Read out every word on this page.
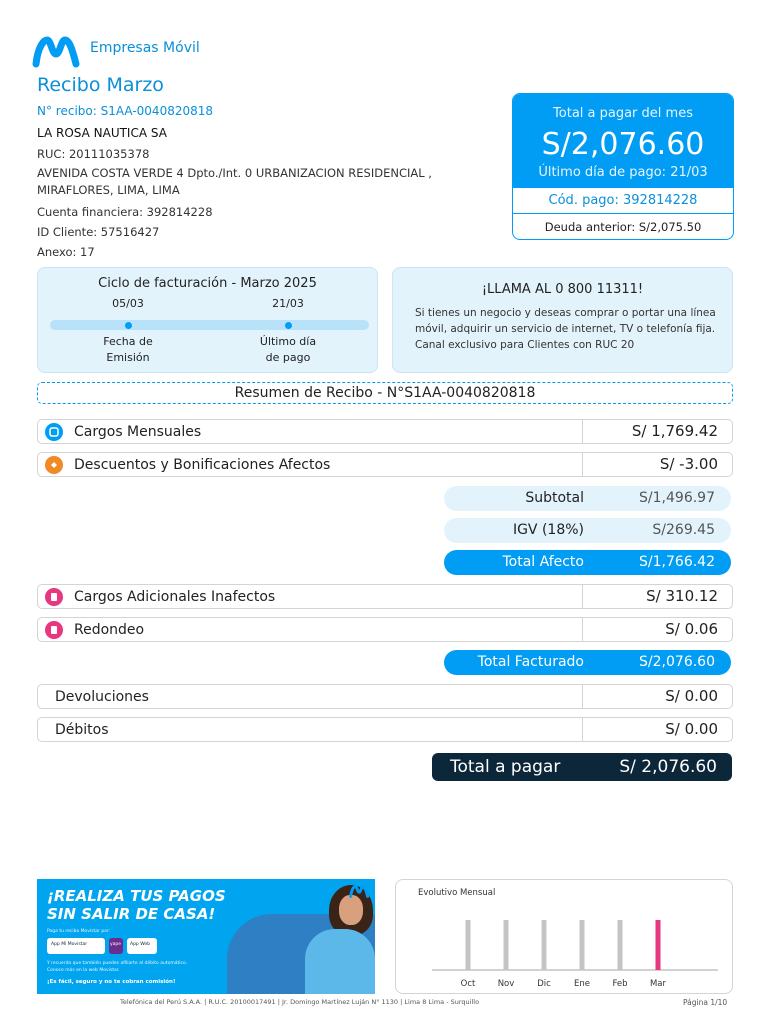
Empresas Móvil
Recibo Marzo
N° recibo: S1AA-0040820818
LA ROSA NAUTICA SA
RUC: 20111035378
AVENIDA COSTA VERDE 4 Dpto./Int. 0 URBANIZACION RESIDENCIAL ,
MIRAFLORES, LIMA, LIMA
Cuenta financiera: 392814228
ID Cliente: 57516427
Anexo: 17
Total a pagar del mes
S/2,076.60
Último día de pago: 21/03
Cód. pago: 392814228
Deuda anterior: S/2,075.50
Ciclo de facturación - Marzo 2025
05/03	21/03
Fecha de
Emisión
Último día
de pago
¡LLAMA AL 0 800 11311!
Si tienes un negocio y deseas comprar o portar una línea
móvil, adquirir un servicio de internet, TV o telefonía fija.
Canal exclusivo para Clientes con RUC 20
Resumen de Recibo - N°S1AA-0040820818
Cargos Mensuales	S/ 1,769.42
Descuentos y Bonificaciones Afectos	S/ -3.00
Subtotal	S/1,496.97
IGV (18%)	S/269.45
Total Afecto	S/1,766.42
Cargos Adicionales Inafectos	S/ 310.12
Redondeo	S/ 0.06
Total Facturado	S/2,076.60
Devoluciones	S/ 0.00
Débitos	S/ 0.00
Total a pagar	S/ 2,076.60
¡REALIZA TUS PAGOS
SIN SALIR DE CASA!
Paga tu recibo Movistar por:
App Mi Movistar	yape App Web
Y recuerda que también puedes afiliarte al débito automático.
Conoce más en la web Movistar.
¡Es fácil, seguro y no te cobran comisión!
Evolutivo Mensual
Oct	Nov	Dic	Ene	Feb	Mar
Telefónica del Perú S.A.A. | R.U.C. 20100017491 | Jr. Domingo Martínez Luján N° 1130 | Lima 8 Lima - Surquillo	Página 1/10
